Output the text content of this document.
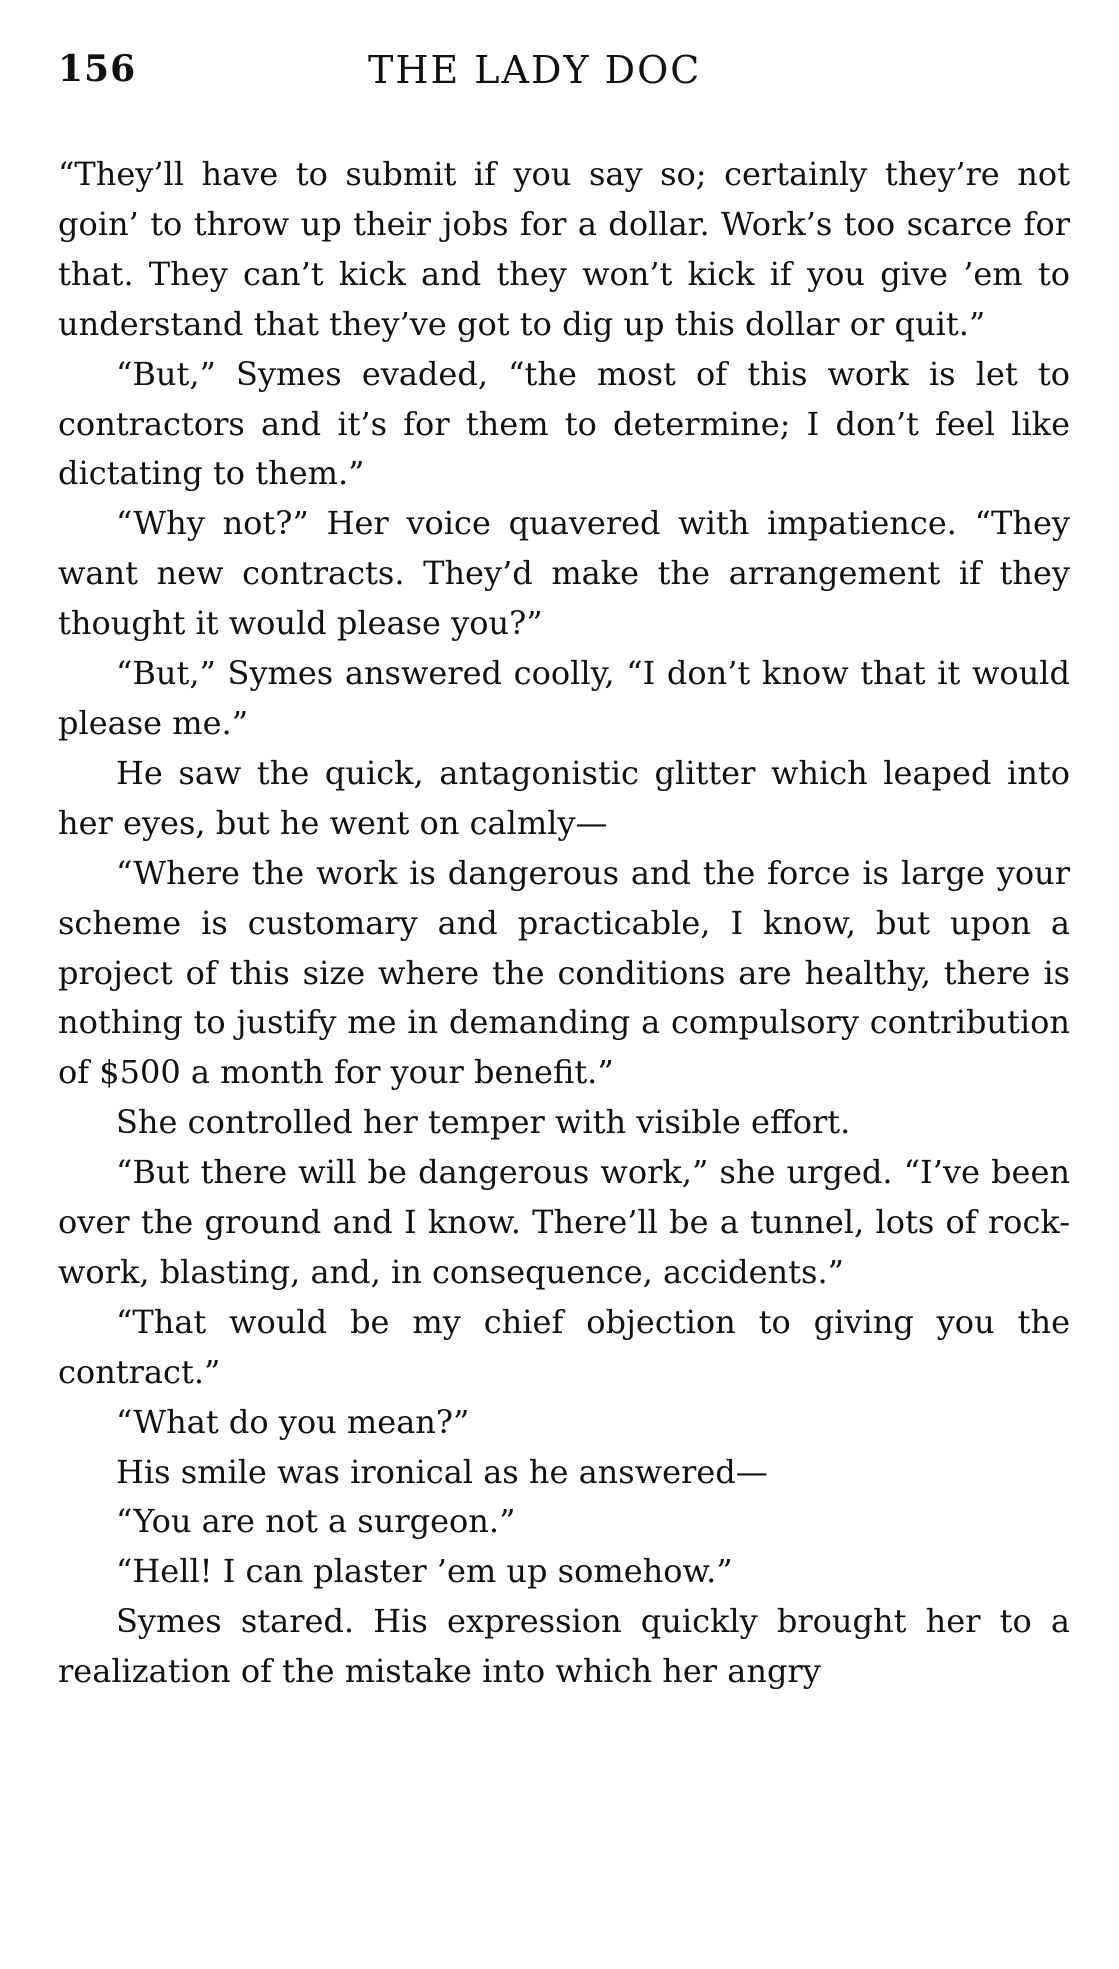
156	THE LADY DOC

“They’ll have to submit if you say so; certainly they’re not goin’ to throw up their jobs for a dollar. Work’s too scarce for that. They can’t kick and they won’t kick if you give ’em to understand that they’ve got to dig up this dollar or quit.”

“But,” Symes evaded, “the most of this work is let to contractors and it’s for them to determine; I don’t feel like dictating to them.”

“Why not?” Her voice quavered with impatience. “They want new contracts. They’d make the arrangement if they thought it would please you?”

“But,” Symes answered coolly, “I don’t know that it would please me.”

He saw the quick, antagonistic glitter which leaped into her eyes, but he went on calmly—

“Where the work is dangerous and the force is large your scheme is customary and practicable, I know, but upon a project of this size where the conditions are healthy, there is nothing to justify me in demanding a compulsory contribution of $500 a month for your benefit.”

She controlled her temper with visible effort.

“But there will be dangerous work,” she urged. “I’ve been over the ground and I know. There’ll be a tunnel, lots of rock-work, blasting, and, in consequence, accidents.”

“That would be my chief objection to giving you the contract.”

“What do you mean?”

His smile was ironical as he answered—

“You are not a surgeon.”

“Hell! I can plaster ’em up somehow.”

Symes stared. His expression quickly brought her to a realization of the mistake into which her angry
